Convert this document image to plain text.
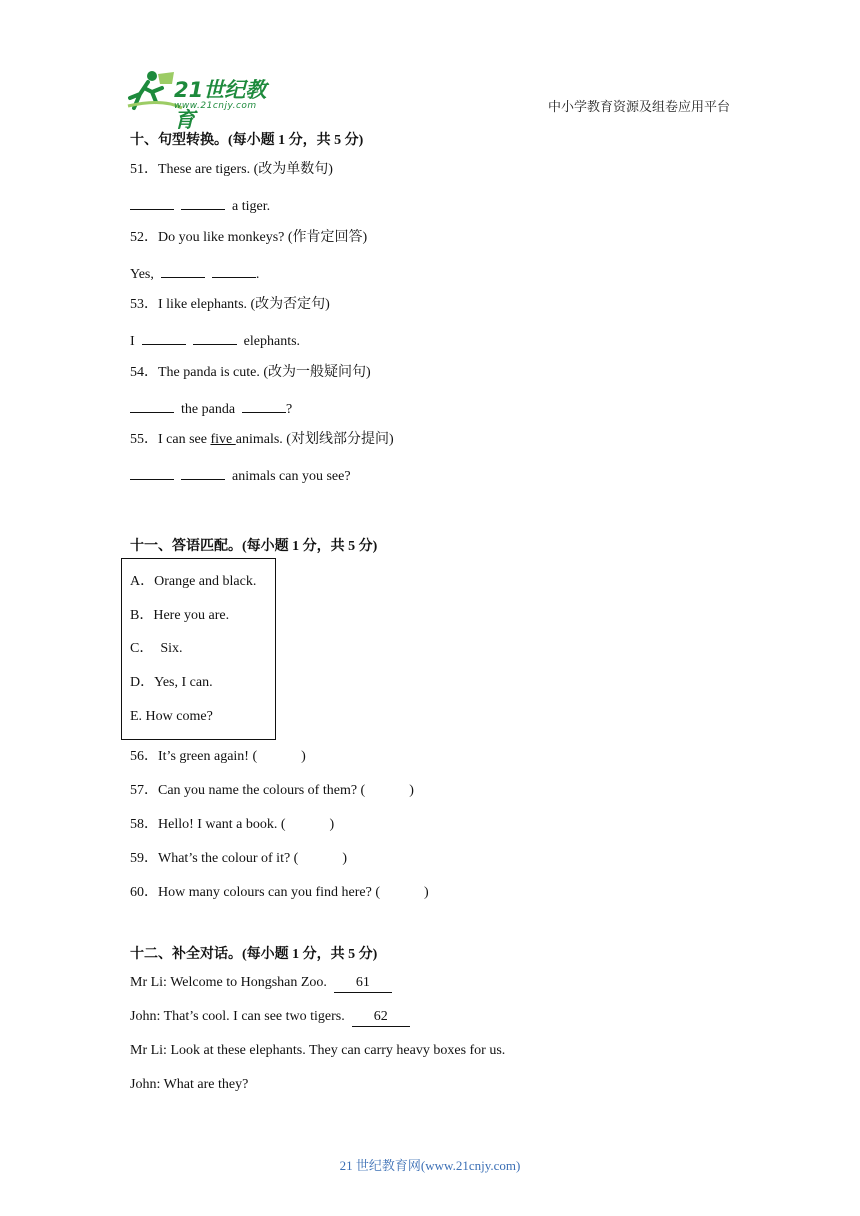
21世纪教育
www.21cnjy.com	中小学教育资源及组卷应用平台
十、句型转换。(每小题 1 分，共 5 分)
51．These are tigers. (改为单数句)
a tiger.
52．Do you like monkeys? (作肯定回答)
Yes,	.
53．I like elephants. (改为否定句)
I	elephants.
54．The panda is cute. (改为一般疑问句)
the panda	?
55．I can see five animals. (对划线部分提问)
animals can you see?
十一、答语匹配。(每小题 1 分，共 5 分)
A．Orange and black.
B．Here you are.
C．  Six.
D．Yes, I can.
E. How come?
56．It’s green again! (	)
57．Can you name the colours of them? (	)
58．Hello! I want a book. (	)
59．What’s the colour of it? (	)
60．How many colours can you find here? (	)
十二、补全对话。(每小题 1 分，共 5 分)
Mr Li: Welcome to Hongshan Zoo. 61
John: That’s cool. I can see two tigers. 62
Mr Li: Look at these elephants. They can carry heavy boxes for us.
John: What are they?
21 世纪教育网(www.21cnjy.com)
